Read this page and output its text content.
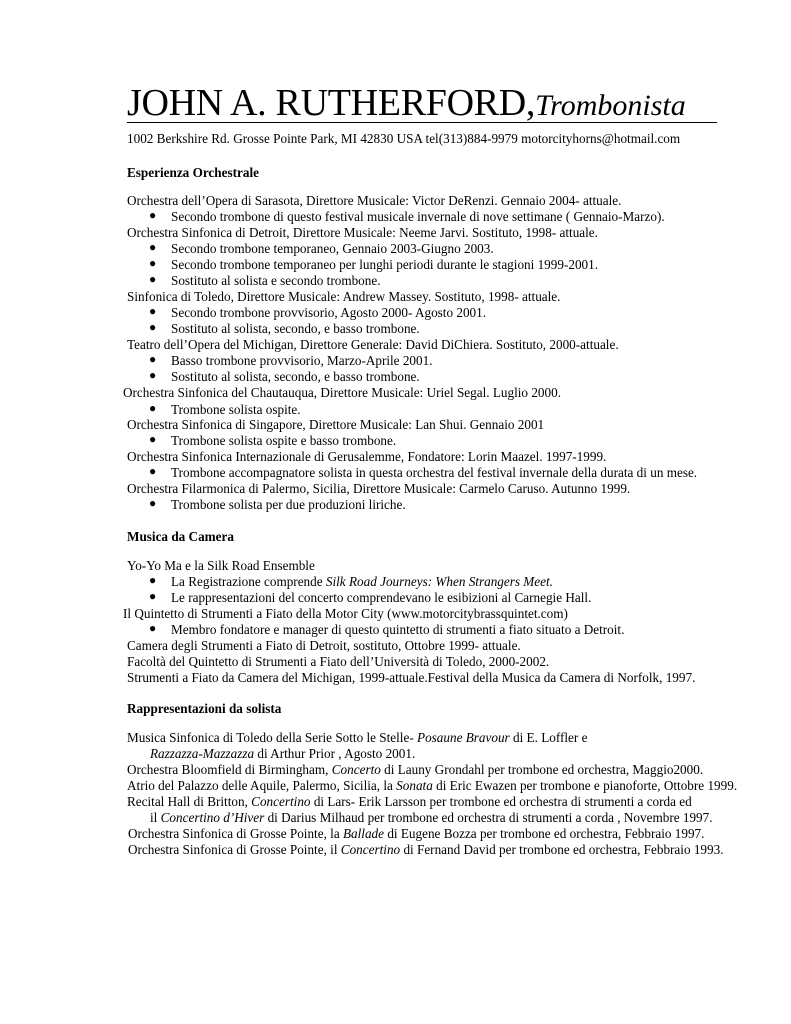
JOHN A. RUTHERFORD,Trombonista
1002 Berkshire Rd. Grosse Pointe Park, MI 42830 USA tel(313)884-9979 motorcityhorns@hotmail.com
Esperienza Orchestrale
Orchestra dell’Opera di Sarasota, Direttore Musicale: Victor DeRenzi. Gennaio 2004- attuale.
● Secondo trombone di questo festival musicale invernale di nove settimane ( Gennaio-Marzo).
Orchestra Sinfonica di Detroit, Direttore Musicale: Neeme Jarvi. Sostituto, 1998- attuale.
● Secondo trombone temporaneo, Gennaio 2003-Giugno 2003.
● Secondo trombone temporaneo per lunghi periodi durante le stagioni 1999-2001.
● Sostituto al solista e secondo trombone.
Sinfonica di Toledo, Direttore Musicale: Andrew Massey. Sostituto, 1998- attuale.
● Secondo trombone provvisorio, Agosto 2000- Agosto 2001.
● Sostituto al solista, secondo, e basso trombone.
Teatro dell’Opera del Michigan, Direttore Generale: David DiChiera. Sostituto, 2000-attuale.
● Basso trombone provvisorio, Marzo-Aprile 2001.
● Sostituto al solista, secondo, e basso trombone.
Orchestra Sinfonica del Chautauqua, Direttore Musicale: Uriel Segal. Luglio 2000.
● Trombone solista ospite.
Orchestra Sinfonica di Singapore, Direttore Musicale: Lan Shui. Gennaio 2001
● Trombone solista ospite e basso trombone.
Orchestra Sinfonica Internazionale di Gerusalemme, Fondatore: Lorin Maazel. 1997-1999.
● Trombone accompagnatore solista in questa orchestra del festival invernale della durata di un mese.
Orchestra Filarmonica di Palermo, Sicilia, Direttore Musicale: Carmelo Caruso. Autunno 1999.
● Trombone solista per due produzioni liriche.
Musica da Camera
Yo-Yo Ma e la Silk Road Ensemble
● La Registrazione comprende Silk Road Journeys: When Strangers Meet.
● Le rappresentazioni del concerto comprendevano le esibizioni al Carnegie Hall.
Il Quintetto di Strumenti a Fiato della Motor City (www.motorcitybrassquintet.com)
● Membro fondatore e manager di questo quintetto di strumenti a fiato situato a Detroit.
Camera degli Strumenti a Fiato di Detroit, sostituto, Ottobre 1999- attuale.
Facoltà del Quintetto di Strumenti a Fiato dell’Università di Toledo, 2000-2002.
Strumenti a Fiato da Camera del Michigan, 1999-attuale.Festival della Musica da Camera di Norfolk, 1997.
Rappresentazioni da solista
Musica Sinfonica di Toledo della Serie Sotto le Stelle- Posaune Bravour di E. Loffler e
Razzazza-Mazzazza di Arthur Prior , Agosto 2001.
Orchestra Bloomfield di Birmingham, Concerto di Launy Grondahl per trombone ed orchestra, Maggio2000.
Atrio del Palazzo delle Aquile, Palermo, Sicilia, la Sonata di Eric Ewazen per trombone e pianoforte, Ottobre 1999.
Recital Hall di Britton, Concertino di Lars- Erik Larsson per trombone ed orchestra di strumenti a corda ed
il Concertino d’Hiver di Darius Milhaud per trombone ed orchestra di strumenti a corda , Novembre 1997.
Orchestra Sinfonica di Grosse Pointe, la Ballade di Eugene Bozza per trombone ed orchestra, Febbraio 1997.
Orchestra Sinfonica di Grosse Pointe, il Concertino di Fernand David per trombone ed orchestra, Febbraio 1993.
